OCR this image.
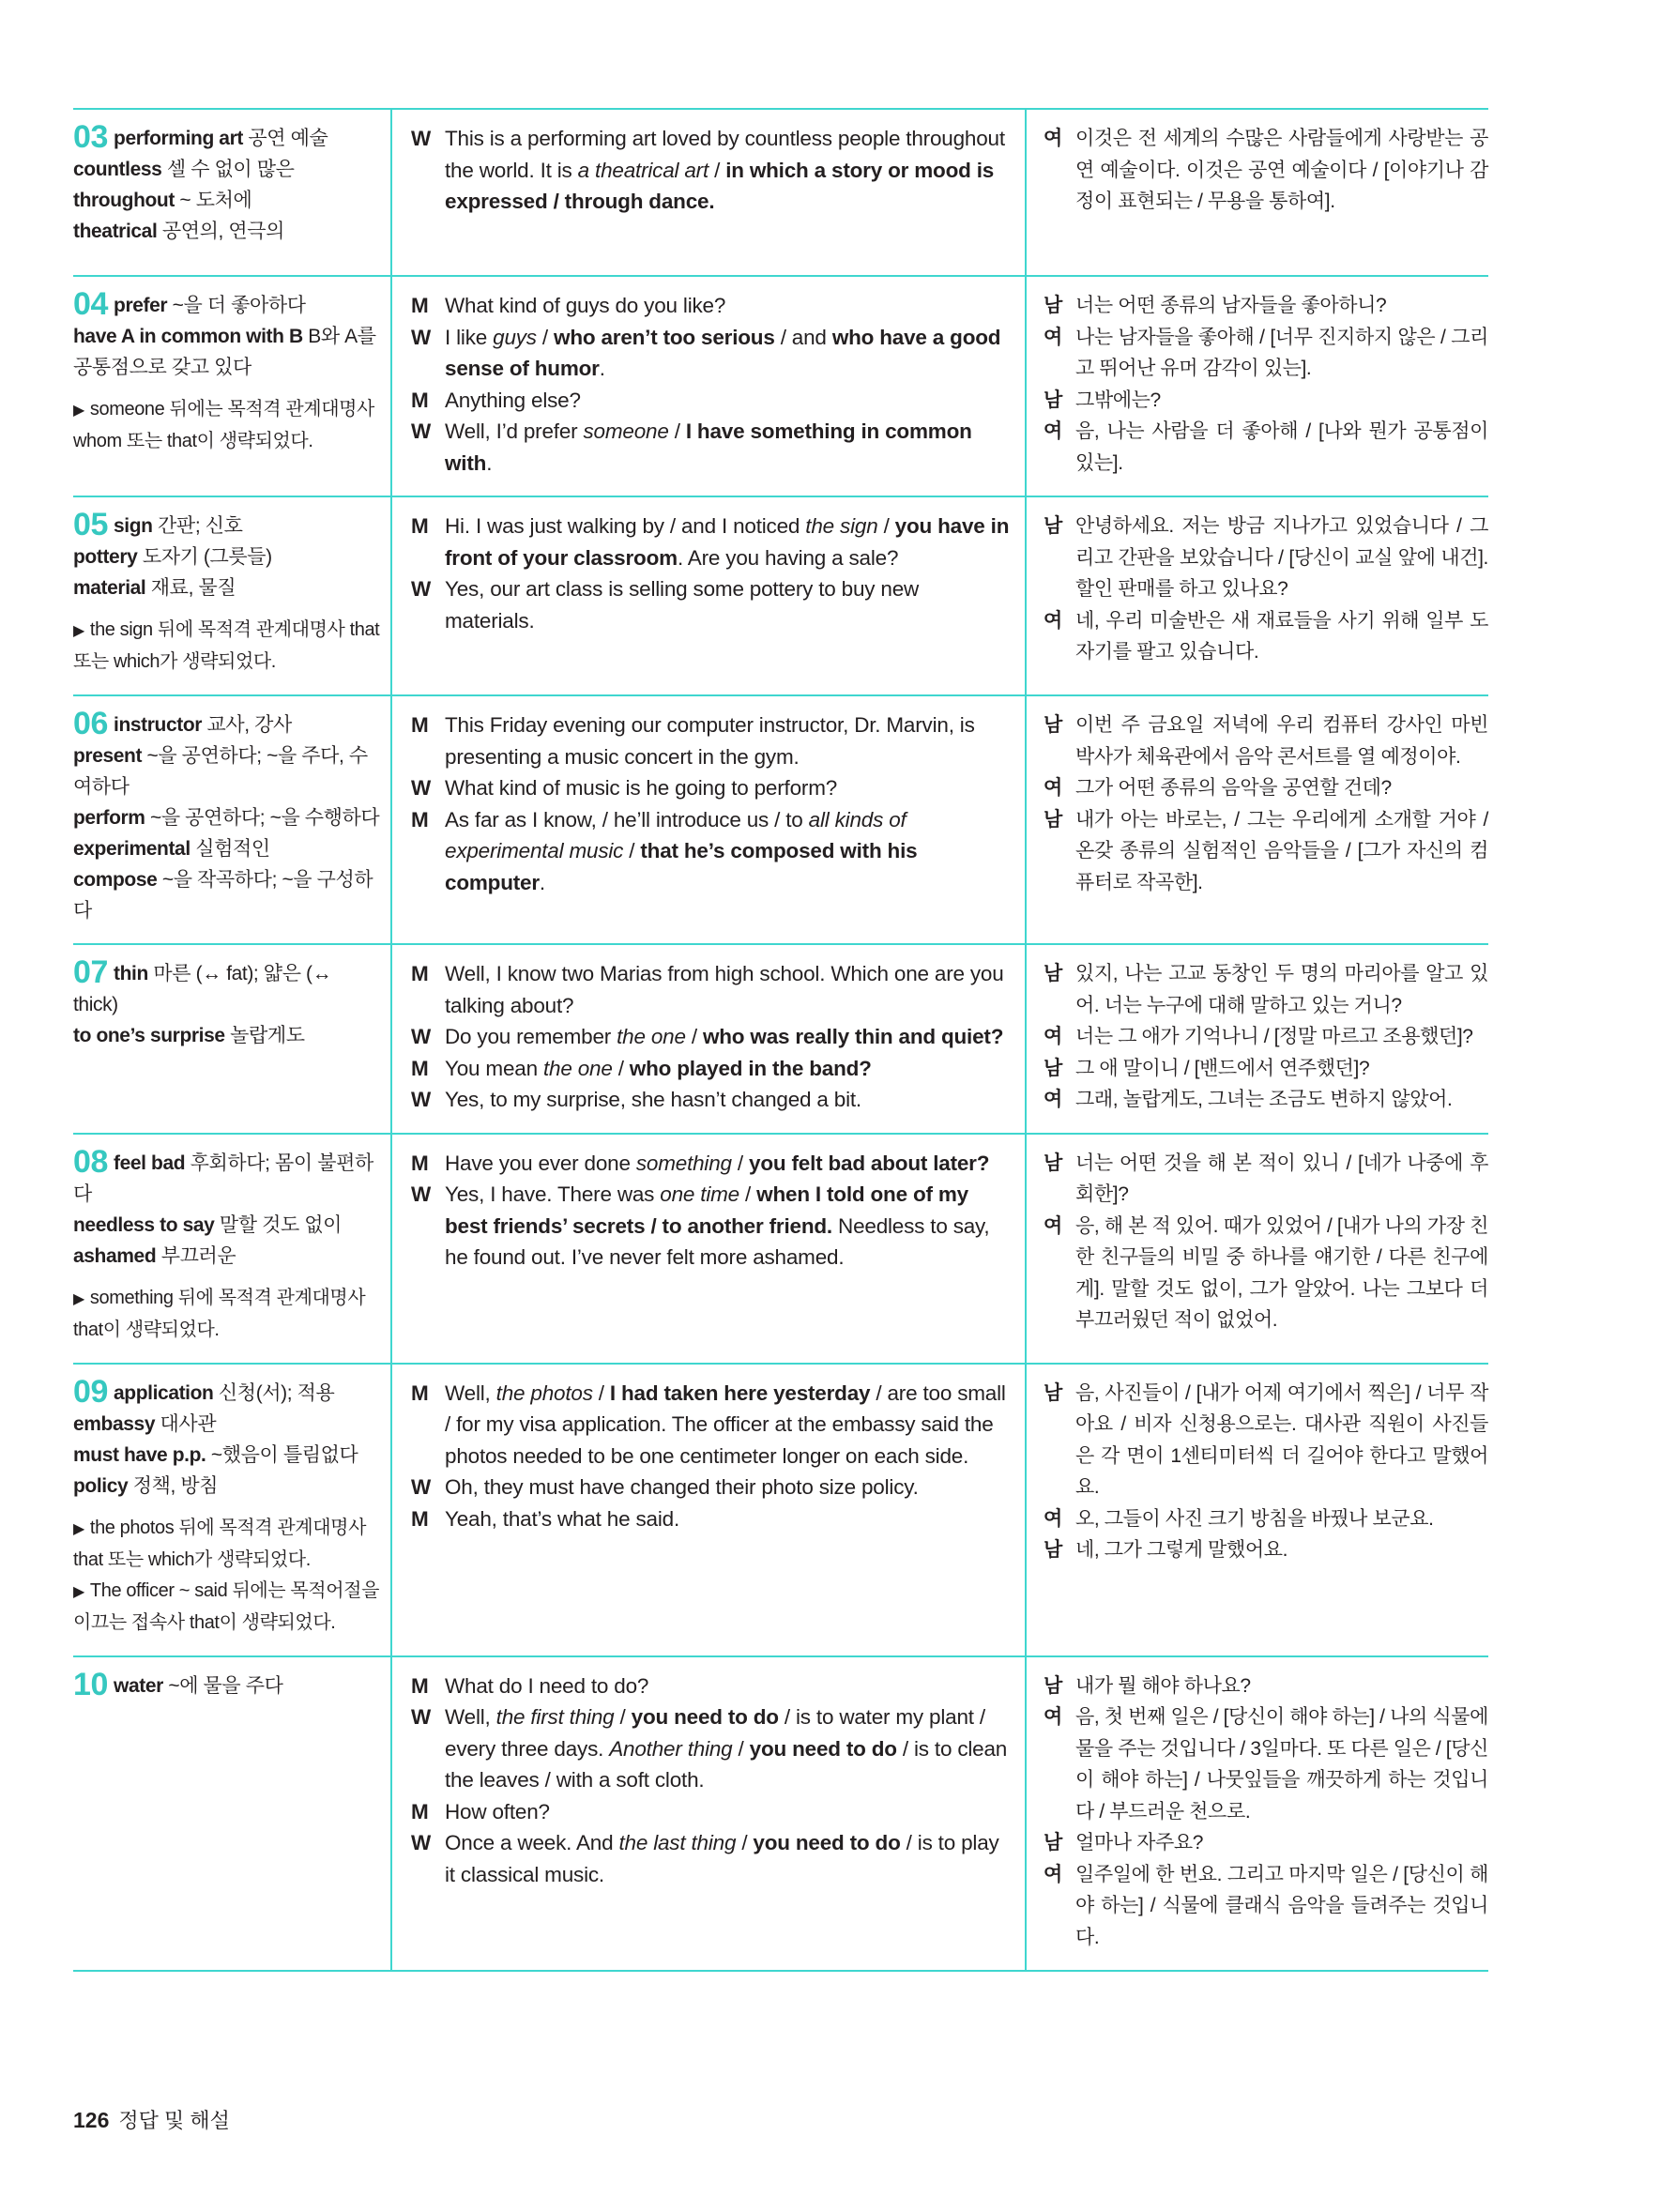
03 performing art 공연 예술
countless 셀 수 없이 많은
throughout ~ 도처에
theatrical 공연의, 연극의
W This is a performing art loved by countless people throughout the world. It is a theatrical art / in which a story or mood is expressed / through dance.
여 이것은 전 세계의 수많은 사람들에게 사랑받는 공연 예술이다. 이것은 공연 예술이다 / [이야기나 감정이 표현되는 / 무용을 통하여].
04 prefer ~을 더 좋아하다
have A in common with B B와 A를 공통점으로 갖고 있다
▶ someone 뒤에는 목적격 관계대명사 whom 또는 that이 생략되었다.
M What kind of guys do you like?
W I like guys / who aren’t too serious / and who have a good sense of humor.
M Anything else?
W Well, I’d prefer someone / I have something in common with.
남 너는 어떤 종류의 남자들을 좋아하니?
여 나는 남자들을 좋아해 / [너무 진지하지 않은 / 그리고 뛰어난 유머 감각이 있는].
남 그밖에는?
여 음, 나는 사람을 더 좋아해 / [나와 뭔가 공통점이 있는].
05 sign 간판; 신호
pottery 도자기 (그릇들)
material 재료, 물질
▶ the sign 뒤에 목적격 관계대명사 that 또는 which가 생략되었다.
M Hi. I was just walking by / and I noticed the sign / you have in front of your classroom. Are you having a sale?
W Yes, our art class is selling some pottery to buy new materials.
남 안녕하세요. 저는 방금 지나가고 있었습니다 / 그리고 간판을 보았습니다 / [당신이 교실 앞에 내건]. 할인 판매를 하고 있나요?
여 네, 우리 미술반은 새 재료들을 사기 위해 일부 도자기를 팔고 있습니다.
06 instructor 교사, 강사
present ~을 공연하다; ~을 주다, 수여하다
perform ~을 공연하다; ~을 수행하다
experimental 실험적인
compose ~을 작곡하다; ~을 구성하다
M This Friday evening our computer instructor, Dr. Marvin, is presenting a music concert in the gym.
W What kind of music is he going to perform?
M As far as I know, / he’ll introduce us / to all kinds of experimental music / that he’s composed with his computer.
남 이번 주 금요일 저녁에 우리 컴퓨터 강사인 마빈 박사가 체육관에서 음악 콘서트를 열 예정이야.
여 그가 어떤 종류의 음악을 공연할 건데?
남 내가 아는 바로는, / 그는 우리에게 소개할 거야 / 온갖 종류의 실험적인 음악들을 / [그가 자신의 컴퓨터로 작곡한].
07 thin 마른 (↔ fat); 얇은 (↔ thick)
to one’s surprise 놀랍게도
M Well, I know two Marias from high school. Which one are you talking about?
W Do you remember the one / who was really thin and quiet?
M You mean the one / who played in the band?
W Yes, to my surprise, she hasn’t changed a bit.
남 있지, 나는 고교 동창인 두 명의 마리아를 알고 있어. 너는 누구에 대해 말하고 있는 거니?
여 너는 그 애가 기억나니 / [정말 마르고 조용했던]?
남 그 애 말이니 / [밴드에서 연주했던]?
여 그래, 놀랍게도, 그녀는 조금도 변하지 않았어.
08 feel bad 후회하다; 몸이 불편하다
needless to say 말할 것도 없이
ashamed 부끄러운
▶ something 뒤에 목적격 관계대명사 that이 생략되었다.
M Have you ever done something / you felt bad about later?
W Yes, I have. There was one time / when I told one of my best friends’ secrets / to another friend. Needless to say, he found out. I’ve never felt more ashamed.
남 너는 어떤 것을 해 본 적이 있니 / [네가 나중에 후회한]?
여 응, 해 본 적 있어. 때가 있었어 / [내가 나의 가장 친한 친구들의 비밀 중 하나를 얘기한 / 다른 친구에게]. 말할 것도 없이, 그가 알았어. 나는 그보다 더 부끄러웠던 적이 없었어.
09 application 신청(서); 적용
embassy 대사관
must have p.p. ~했음이 틀림없다
policy 정책, 방침
▶ the photos 뒤에 목적격 관계대명사 that 또는 which가 생략되었다.
▶ The officer ~ said 뒤에는 목적어절을 이끄는 접속사 that이 생략되었다.
M Well, the photos / I had taken here yesterday / are too small / for my visa application. The officer at the embassy said the photos needed to be one centimeter longer on each side.
W Oh, they must have changed their photo size policy.
M Yeah, that’s what he said.
남 음, 사진들이 / [내가 어제 여기에서 찍은] / 너무 작아요 / 비자 신청용으로는. 대사관 직원이 사진들은 각 면이 1센티미터씩 더 길어야 한다고 말했어요.
여 오, 그들이 사진 크기 방침을 바꿨나 보군요.
남 네, 그가 그렇게 말했어요.
10 water ~에 물을 주다	M What do I need to do?
W Well, the first thing / you need to do / is to water my plant / every three days. Another thing / you need to do / is to clean the leaves / with a soft cloth.
M How often?
W Once a week. And the last thing / you need to do / is to play it classical music.
남 내가 뭘 해야 하나요?
여 음, 첫 번째 일은 / [당신이 해야 하는] / 나의 식물에 물을 주는 것입니다 / 3일마다. 또 다른 일은 / [당신이 해야 하는] / 나뭇잎들을 깨끗하게 하는 것입니다 / 부드러운 천으로.
남 얼마나 자주요?
여 일주일에 한 번요. 그리고 마지막 일은 / [당신이 해야 하는] / 식물에 클래식 음악을 들려주는 것입니다.
126 정답 및 해설
